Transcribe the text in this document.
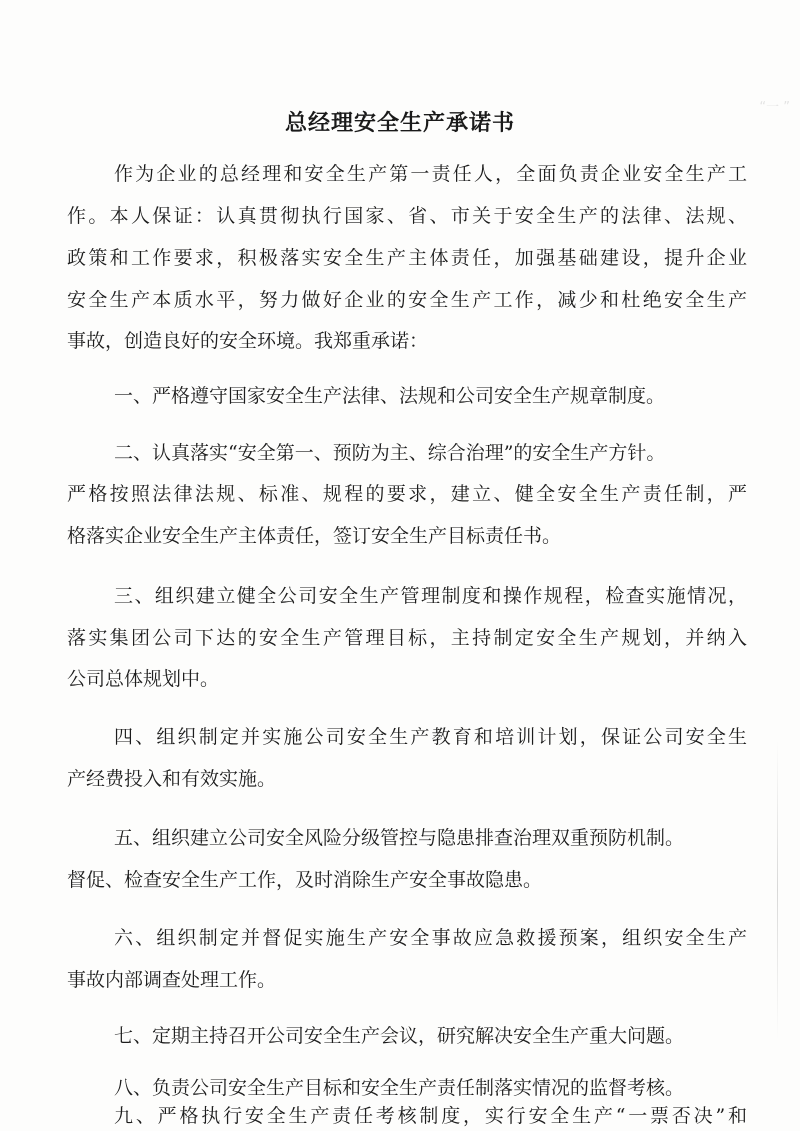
“一 ”
总经理安全生产承诺书
作为企业的总经理和安全生产第一责任人，全面负责企业安全生产工
作。本人保证：认真贯彻执行国家、省、市关于安全生产的法律、法规、
政策和工作要求，积极落实安全生产主体责任，加强基础建设，提升企业
安全生产本质水平，努力做好企业的安全生产工作，减少和杜绝安全生产
事故，创造良好的安全环境。我郑重承诺：
一、严格遵守国家安全生产法律、法规和公司安全生产规章制度。
二、认真落实“安全第一、预防为主、综合治理”的安全生产方针。
严格按照法律法规、标准、规程的要求，建立、健全安全生产责任制，严
格落实企业安全生产主体责任，签订安全生产目标责任书。
三、组织建立健全公司安全生产管理制度和操作规程，检查实施情况，
落实集团公司下达的安全生产管理目标，主持制定安全生产规划，并纳入
公司总体规划中。
四、组织制定并实施公司安全生产教育和培训计划，保证公司安全生
产经费投入和有效实施。
五、组织建立公司安全风险分级管控与隐患排查治理双重预防机制。
督促、检查安全生产工作，及时消除生产安全事故隐患。
六、组织制定并督促实施生产安全事故应急救援预案，组织安全生产
事故内部调查处理工作。
七、定期主持召开公司安全生产会议，研究解决安全生产重大问题。
八、负责公司安全生产目标和安全生产责任制落实情况的监督考核。
九、严格执行安全生产责任考核制度，实行安全生产“一票否决”和
